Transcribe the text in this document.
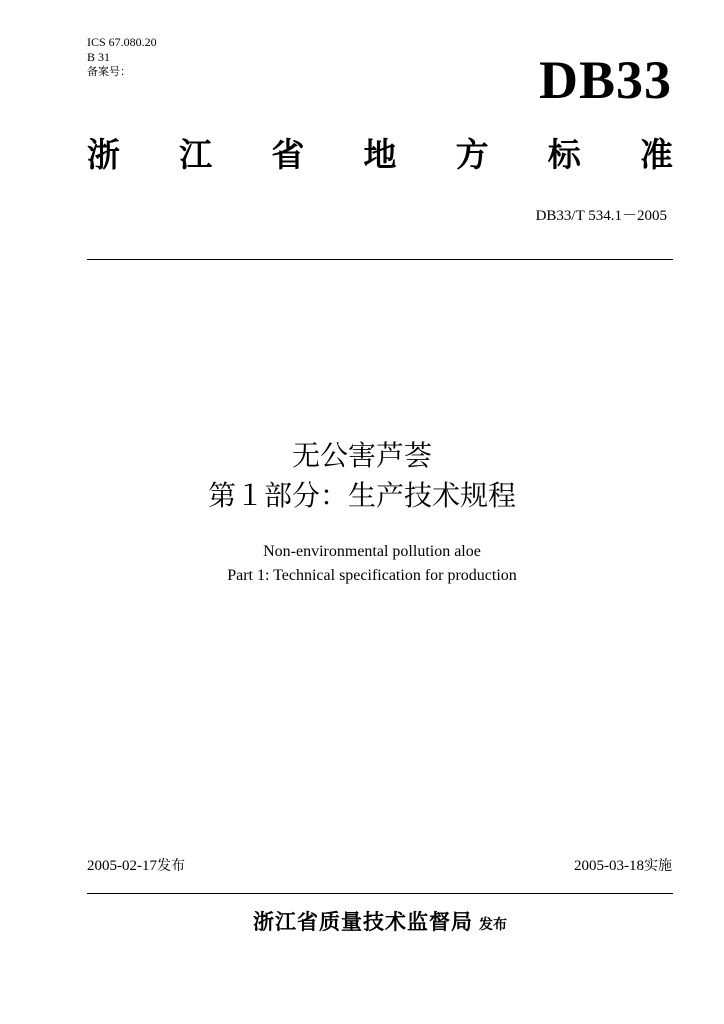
ICS 67.080.20
B 31
备案号：	DB33
浙 江 省 地 方 标 准
DB33/T 534.1－2005
无公害芦荟
第１部分：生产技术规程
Non-environmental pollution aloe
Part 1: Technical specification for production
2005-02-17发布	2005-03-18实施
浙江省质量技术监督局 发布
